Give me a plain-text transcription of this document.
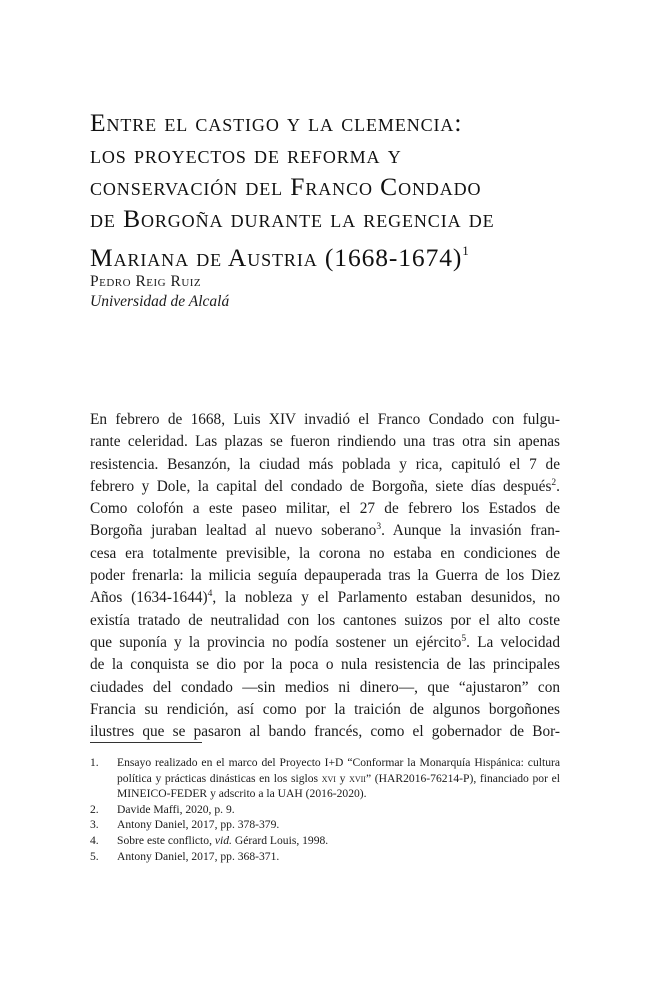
Entre el castigo y la clemencia:
los proyectos de reforma y
conservación del Franco Condado
de Borgoña durante la regencia de
Mariana de Austria (1668-1674)$^1$
Pedro Reig Ruiz
Universidad de Alcalá
En febrero de 1668, Luis XIV invadió el Franco Condado con fulgu-
rante celeridad. Las plazas se fueron rindiendo una tras otra sin apenas
resistencia. Besanzón, la ciudad más poblada y rica, capituló el 7 de
febrero y Dole, la capital del condado de Borgoña, siete días después$^2$.
Como colofón a este paseo militar, el 27 de febrero los Estados de
Borgoña juraban lealtad al nuevo soberano$^3$. Aunque la invasión fran-
cesa era totalmente previsible, la corona no estaba en condiciones de
poder frenarla: la milicia seguía depauperada tras la Guerra de los Diez
Años (1634-1644)$^4$, la nobleza y el Parlamento estaban desunidos, no
existía tratado de neutralidad con los cantones suizos por el alto coste
que suponía y la provincia no podía sostener un ejército$^5$. La velocidad
de la conquista se dio por la poca o nula resistencia de las principales
ciudades del condado —sin medios ni dinero—, que “ajustaron” con
Francia su rendición, así como por la traición de algunos borgoñones
ilustres que se pasaron al bando francés, como el gobernador de Bor-
1. Ensayo realizado en el marco del Proyecto I+D “Conformar la Monarquía Hispánica: cultura política y prácticas dinásticas en los siglos xvi y xvii” (HAR2016-76214-P), financiado por el MINEICO-FEDER y adscrito a la UAH (2016-2020).
2. Davide Maffi, 2020, p. 9.
3. Antony Daniel, 2017, pp. 378-379.
4. Sobre este conflicto, vid. Gérard Louis, 1998.
5. Antony Daniel, 2017, pp. 368-371.
